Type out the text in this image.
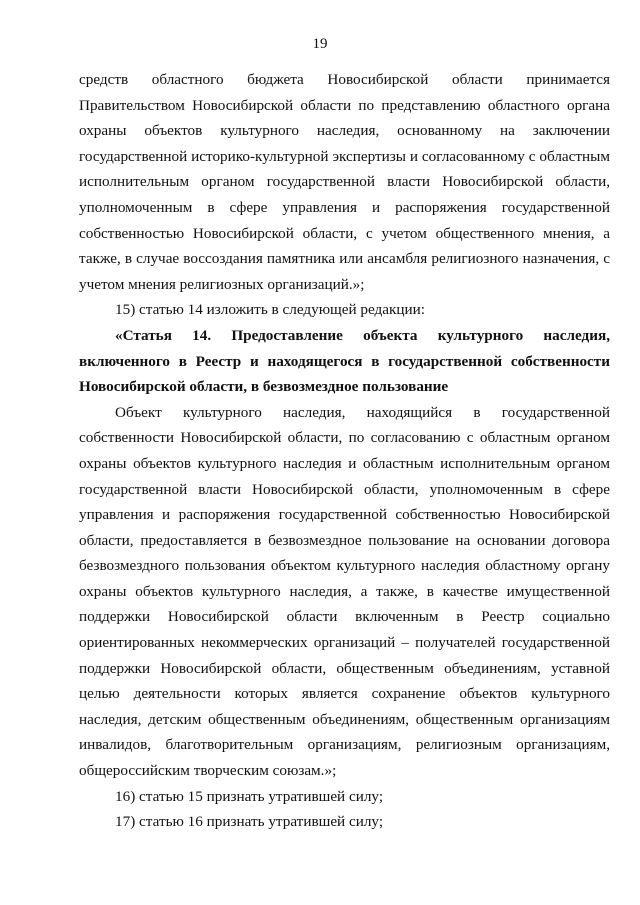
19

средств областного бюджета Новосибирской области принимается Правительством Новосибирской области по представлению областного органа охраны объектов культурного наследия, основанному на заключении государственной историко-культурной экспертизы и согласованному с областным исполнительным органом государственной власти Новосибирской области, уполномоченным в сфере управления и распоряжения государственной собственностью Новосибирской области, с учетом общественного мнения, а также, в случае воссоздания памятника или ансамбля религиозного назначения, с учетом мнения религиозных организаций.»;

15) статью 14 изложить в следующей редакции:

«Статья 14. Предоставление объекта культурного наследия, включенного в Реестр и находящегося в государственной собственности Новосибирской области, в безвозмездное пользование

Объект культурного наследия, находящийся в государственной собственности Новосибирской области, по согласованию с областным органом охраны объектов культурного наследия и областным исполнительным органом государственной власти Новосибирской области, уполномоченным в сфере управления и распоряжения государственной собственностью Новосибирской области, предоставляется в безвозмездное пользование на основании договора безвозмездного пользования объектом культурного наследия областному органу охраны объектов культурного наследия, а также, в качестве имущественной поддержки Новосибирской области включенным в Реестр социально ориентированных некоммерческих организаций – получателей государственной поддержки Новосибирской области, общественным объединениям, уставной целью деятельности которых является сохранение объектов культурного наследия, детским общественным объединениям, общественным организациям инвалидов, благотворительным организациям, религиозным организациям, общероссийским творческим союзам.»;

16) статью 15 признать утратившей силу;

17) статью 16 признать утратившей силу;
